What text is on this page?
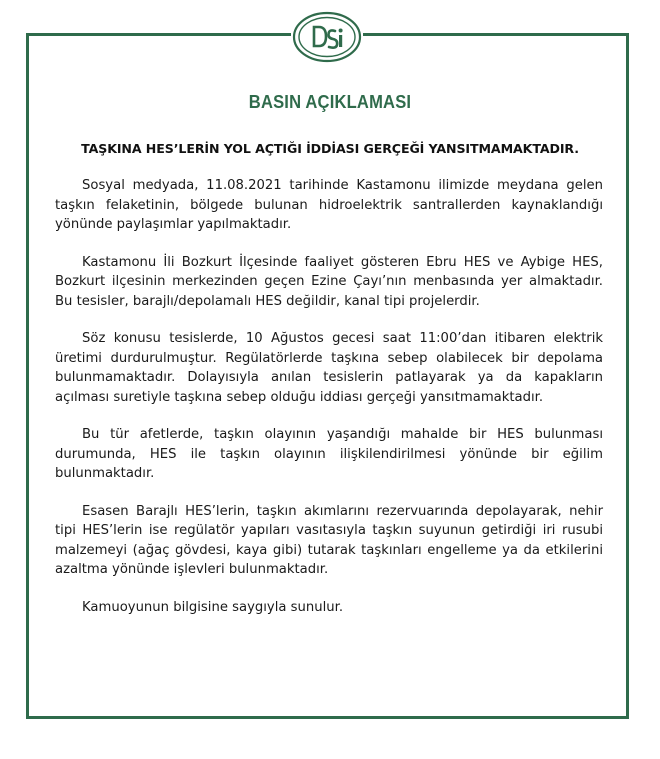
BASIN AÇIKLAMASI
TAŞKINA HES’LERİN YOL AÇTIĞI İDDİASI GERÇEĞİ YANSITMAMAKTADIR.

Sosyal medyada, 11.08.2021 tarihinde Kastamonu ilimizde meydana gelen taşkın felaketinin, bölgede bulunan hidroelektrik santrallerden kaynaklandığı yönünde paylaşımlar yapılmaktadır.

Kastamonu İli Bozkurt İlçesinde faaliyet gösteren Ebru HES ve Aybige HES, Bozkurt ilçesinin merkezinden geçen Ezine Çayı’nın menbasında yer almaktadır. Bu tesisler, barajlı/depolamalı HES değildir, kanal tipi projelerdir.

Söz konusu tesislerde, 10 Ağustos gecesi saat 11:00’dan itibaren elektrik üretimi durdurulmuştur. Regülatörlerde taşkına sebep olabilecek bir depolama bulunmamaktadır. Dolayısıyla anılan tesislerin patlayarak ya da kapakların açılması suretiyle taşkına sebep olduğu iddiası gerçeği yansıtmamaktadır.

Bu tür afetlerde, taşkın olayının yaşandığı mahalde bir HES bulunması durumunda, HES ile taşkın olayının ilişkilendirilmesi yönünde bir eğilim bulunmaktadır.

Esasen Barajlı HES’lerin, taşkın akımlarını rezervuarında depolayarak, nehir tipi HES’lerin ise regülatör yapıları vasıtasıyla taşkın suyunun getirdiği iri rusubi malzemeyi (ağaç gövdesi, kaya gibi) tutarak taşkınları engelleme ya da etkilerini azaltma yönünde işlevleri bulunmaktadır.

Kamuoyunun bilgisine saygıyla sunulur.
